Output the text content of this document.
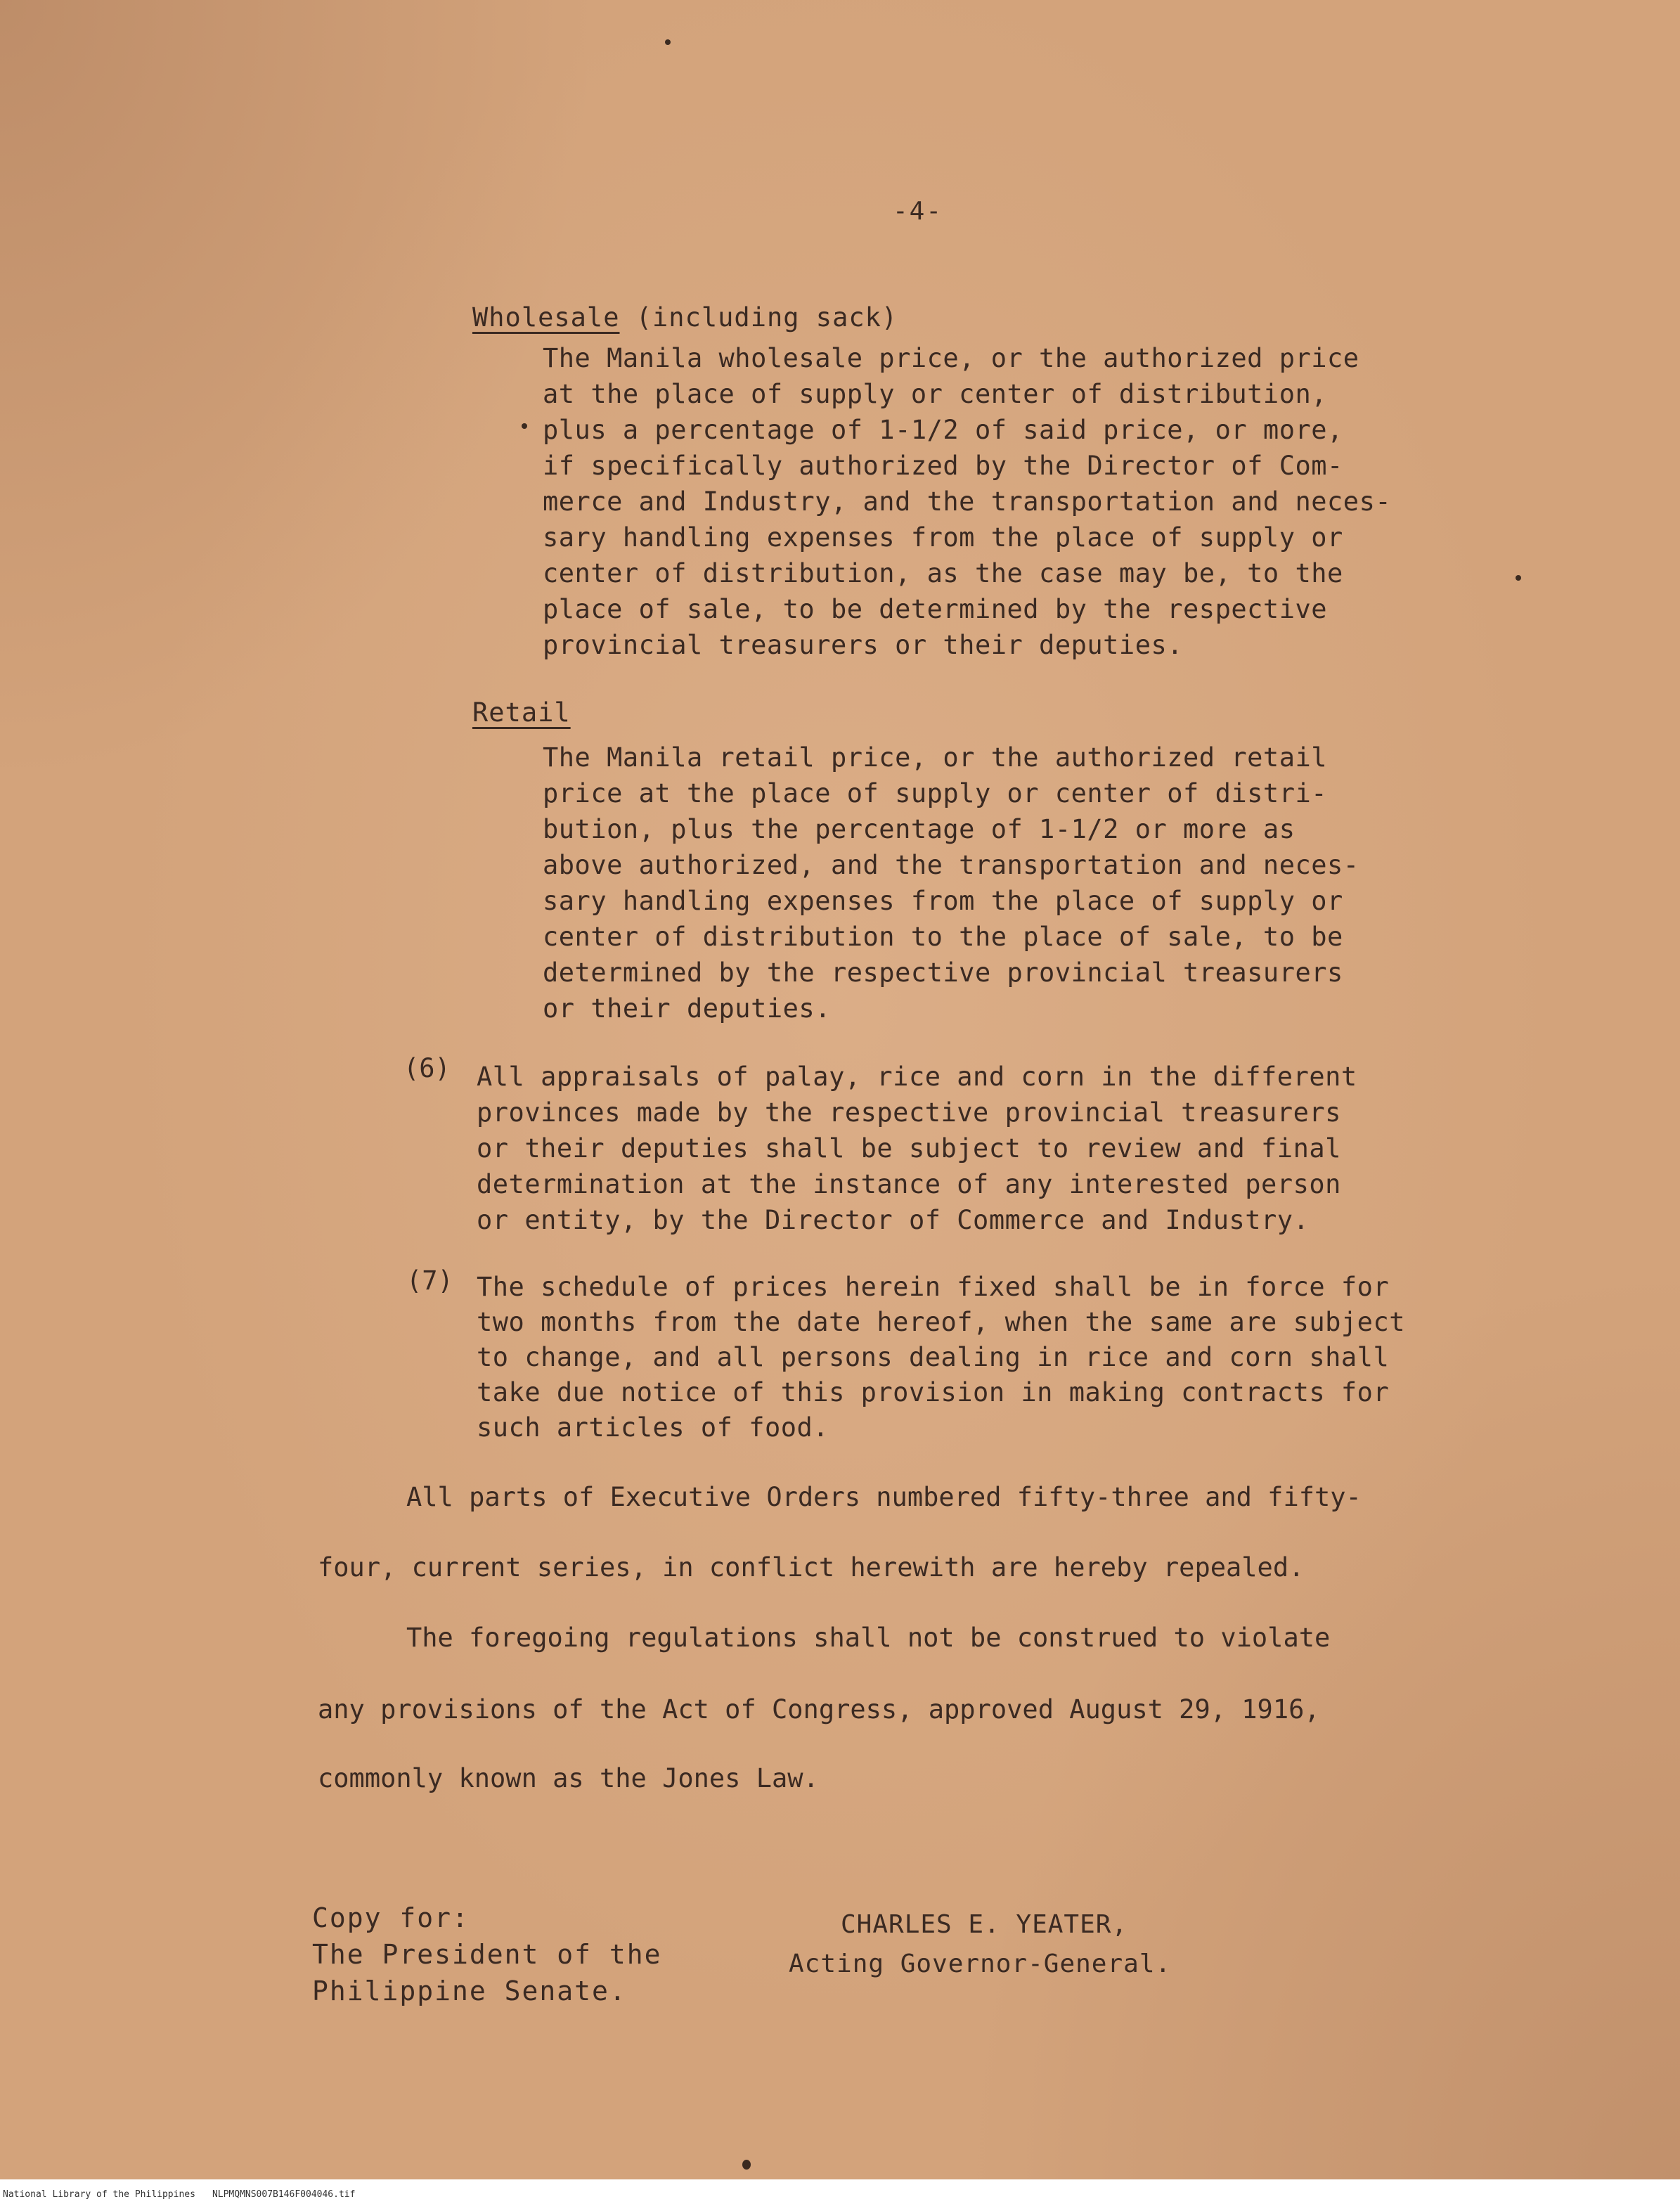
-4-
Wholesale (including sack)
The Manila wholesale price, or the authorized price
at the place of supply or center of distribution,
plus a percentage of 1-1/2 of said price, or more,
if specifically authorized by the Director of Com-
merce and Industry, and the transportation and neces-
sary handling expenses from the place of supply or
center of distribution, as the case may be, to the
place of sale, to be determined by the respective
provincial treasurers or their deputies.
Retail
The Manila retail price, or the authorized retail
price at the place of supply or center of distri-
bution, plus the percentage of 1-1/2 or more as
above authorized, and the transportation and neces-
sary handling expenses from the place of supply or
center of distribution to the place of sale, to be
determined by the respective provincial treasurers
or their deputies.
(6) All appraisals of palay, rice and corn in the different
provinces made by the respective provincial treasurers
or their deputies shall be subject to review and final
determination at the instance of any interested person
or entity, by the Director of Commerce and Industry.
(7) The schedule of prices herein fixed shall be in force for
two months from the date hereof, when the same are subject
to change, and all persons dealing in rice and corn shall
take due notice of this provision in making contracts for
such articles of food.
All parts of Executive Orders numbered fifty-three and fifty-
four, current series, in conflict herewith are hereby repealed.
The foregoing regulations shall not be construed to violate
any provisions of the Act of Congress, approved August 29, 1916,
commonly known as the Jones Law.
Copy for:
The President of the
Philippine Senate.
CHARLES E. YEATER,
Acting Governor-General.
National Library of the Philippines NLPMQMNS007B146F004046.tif
